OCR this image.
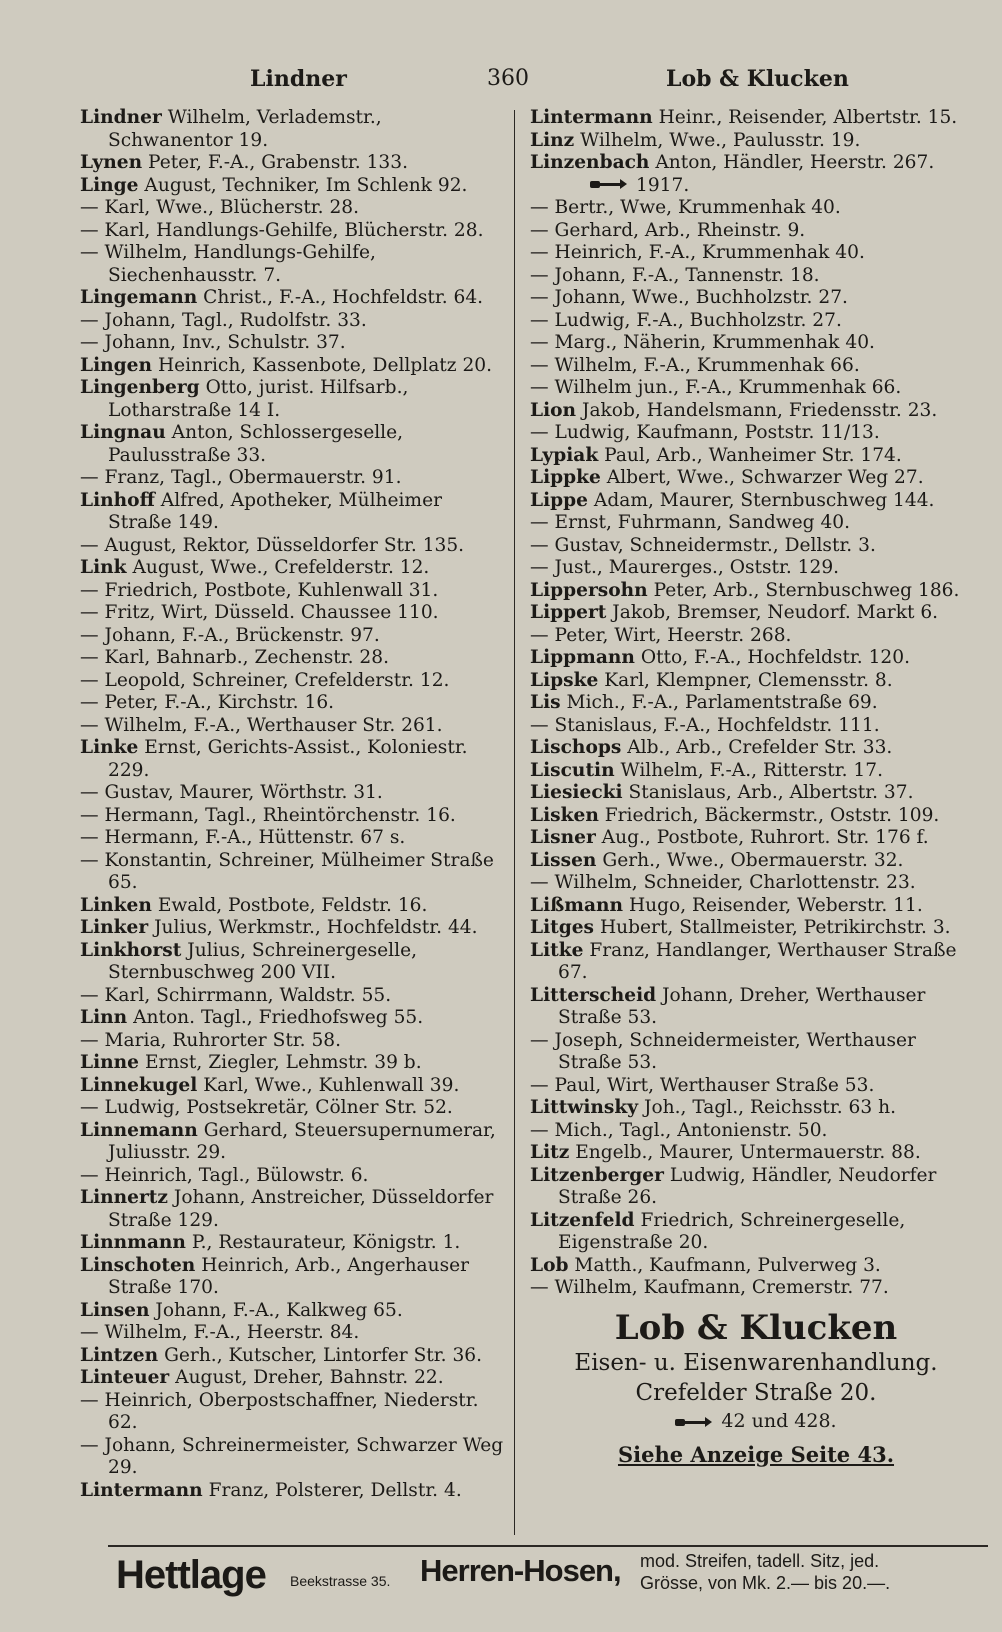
Lindner	360	Lob & Klucken

Lindner Wilhelm, Verlademstr., Schwanentor 19.

Lynen Peter, F.-A., Grabenstr. 133.

Linge August, Techniker, Im Schlenk 92.

— Karl, Wwe., Blücherstr. 28.

— Karl, Handlungs-Gehilfe, Blücherstr. 28.

— Wilhelm, Handlungs-Gehilfe, Siechenhausstr. 7.

Lingemann Christ., F.-A., Hochfeldstr. 64.

— Johann, Tagl., Rudolfstr. 33.

— Johann, Inv., Schulstr. 37.

Lingen Heinrich, Kassenbote, Dellplatz 20.

Lingenberg Otto, jurist. Hilfsarb., Lotharstraße 14 I.

Lingnau Anton, Schlossergeselle, Paulusstraße 33.

— Franz, Tagl., Obermauerstr. 91.

Linhoff Alfred, Apotheker, Mülheimer Straße 149.

— August, Rektor, Düsseldorfer Str. 135.

Link August, Wwe., Crefelderstr. 12.

— Friedrich, Postbote, Kuhlenwall 31.

— Fritz, Wirt, Düsseld. Chaussee 110.

— Johann, F.-A., Brückenstr. 97.

— Karl, Bahnarb., Zechenstr. 28.

— Leopold, Schreiner, Crefelderstr. 12.

— Peter, F.-A., Kirchstr. 16.

— Wilhelm, F.-A., Werthauser Str. 261.

Linke Ernst, Gerichts-Assist., Koloniestr. 229.

— Gustav, Maurer, Wörthstr. 31.

— Hermann, Tagl., Rheintörchenstr. 16.

— Hermann, F.-A., Hüttenstr. 67 s.

— Konstantin, Schreiner, Mülheimer Straße 65.

Linken Ewald, Postbote, Feldstr. 16.

Linker Julius, Werkmstr., Hochfeldstr. 44.

Linkhorst Julius, Schreinergeselle, Sternbuschweg 200 VII.

— Karl, Schirrmann, Waldstr. 55.

Linn Anton. Tagl., Friedhofsweg 55.

— Maria, Ruhrorter Str. 58.

Linne Ernst, Ziegler, Lehmstr. 39 b.

Linnekugel Karl, Wwe., Kuhlenwall 39.

— Ludwig, Postsekretär, Cölner Str. 52.

Linnemann Gerhard, Steuersupernumerar, Juliusstr. 29.

— Heinrich, Tagl., Bülowstr. 6.

Linnertz Johann, Anstreicher, Düsseldorfer Straße 129.

Linnmann P., Restaurateur, Königstr. 1.

Linschoten Heinrich, Arb., Angerhauser Straße 170.

Linsen Johann, F.-A., Kalkweg 65.

— Wilhelm, F.-A., Heerstr. 84.

Lintzen Gerh., Kutscher, Lintorfer Str. 36.

Linteuer August, Dreher, Bahnstr. 22.

— Heinrich, Oberpostschaffner, Niederstr. 62.

— Johann, Schreinermeister, Schwarzer Weg 29.

Lintermann Franz, Polsterer, Dellstr. 4.

Lintermann Heinr., Reisender, Albertstr. 15.

Linz Wilhelm, Wwe., Paulusstr. 19.

Linzenbach Anton, Händler, Heerstr. 267.

1917.

— Bertr., Wwe, Krummenhak 40.

— Gerhard, Arb., Rheinstr. 9.

— Heinrich, F.-A., Krummenhak 40.

— Johann, F.-A., Tannenstr. 18.

— Johann, Wwe., Buchholzstr. 27.

— Ludwig, F.-A., Buchholzstr. 27.

— Marg., Näherin, Krummenhak 40.

— Wilhelm, F.-A., Krummenhak 66.

— Wilhelm jun., F.-A., Krummenhak 66.

Lion Jakob, Handelsmann, Friedensstr. 23.

— Ludwig, Kaufmann, Poststr. 11/13.

Lypiak Paul, Arb., Wanheimer Str. 174.

Lippke Albert, Wwe., Schwarzer Weg 27.

Lippe Adam, Maurer, Sternbuschweg 144.

— Ernst, Fuhrmann, Sandweg 40.

— Gustav, Schneidermstr., Dellstr. 3.

— Just., Maurerges., Oststr. 129.

Lippersohn Peter, Arb., Sternbuschweg 186.

Lippert Jakob, Bremser, Neudorf. Markt 6.

— Peter, Wirt, Heerstr. 268.

Lippmann Otto, F.-A., Hochfeldstr. 120.

Lipske Karl, Klempner, Clemensstr. 8.

Lis Mich., F.-A., Parlamentstraße 69.

— Stanislaus, F.-A., Hochfeldstr. 111.

Lischops Alb., Arb., Crefelder Str. 33.

Liscutin Wilhelm, F.-A., Ritterstr. 17.

Liesiecki Stanislaus, Arb., Albertstr. 37.

Lisken Friedrich, Bäckermstr., Oststr. 109.

Lisner Aug., Postbote, Ruhrort. Str. 176 f.

Lissen Gerh., Wwe., Obermauerstr. 32.

— Wilhelm, Schneider, Charlottenstr. 23.

Lißmann Hugo, Reisender, Weberstr. 11.

Litges Hubert, Stallmeister, Petrikirchstr. 3.

Litke Franz, Handlanger, Werthauser Straße 67.

Litterscheid Johann, Dreher, Werthauser Straße 53.

— Joseph, Schneidermeister, Werthauser Straße 53.

— Paul, Wirt, Werthauser Straße 53.

Littwinsky Joh., Tagl., Reichsstr. 63 h.

— Mich., Tagl., Antonienstr. 50.

Litz Engelb., Maurer, Untermauerstr. 88.

Litzenberger Ludwig, Händler, Neudorfer Straße 26.

Litzenfeld Friedrich, Schreinergeselle, Eigenstraße 20.

Lob Matth., Kaufmann, Pulverweg 3.

— Wilhelm, Kaufmann, Cremerstr. 77.

Lob & Klucken
Eisen- u. Eisenwarenhandlung.
Crefelder Straße 20.
42 und 428.
Siehe Anzeige Seite 43.
Hettlage Beekstrasse 35. Herren-Hosen, mod. Streifen, tadell. Sitz, jed.
Grösse, von Mk. 2.— bis 20.—.
